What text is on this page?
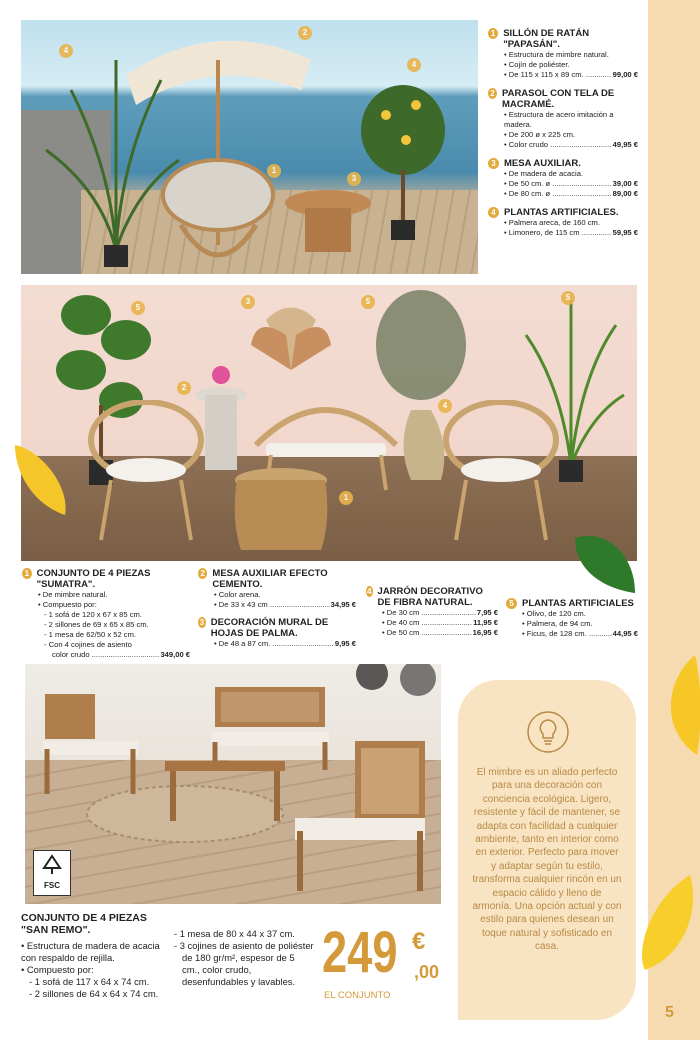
5
4
2
4
1
3
1 SILLÓN DE RATÁN "PAPASÁN".
• Estructura de mimbre natural.
• Cojín de poliéster.
• De 115 x 115 x 89 cm. .....	99,00 €
2 PARASOL CON TELA DE MACRAMÉ.
• Estructura de acero imitación a madera.
• De 200 ø x 225 cm.
• Color crudo .....	49,95 €
3 MESA AUXILIAR.
• De madera de acacia.
• De 50 cm. ø .....	39,00 €
• De 80 cm. ø .....	89,00 €
4 PLANTAS ARTIFICIALES.
• Palmera areca, de 160 cm.
• Limonero, de 115 cm .....	59,95 €
5
2
3	5
4
1
5
1 CONJUNTO DE 4 PIEZAS "SUMATRA".
• De mimbre natural.
• Compuesto por:
- 1 sofá de 120 x 67 x 85 cm.
- 2 sillones de 69 x 65 x 85 cm.
- 1 mesa de 62/50 x 52 cm.
- Con 4 cojines de asiento
color crudo .....	349,00 €
2 MESA AUXILIAR EFECTO CEMENTO.
• Color arena.
• De 33 x 43 cm .....	34,95 €
3 DECORACIÓN MURAL DE HOJAS DE PALMA.
• De 48 a 87 cm. .....	9,95 €
4 JARRÓN DECORATIVO DE FIBRA NATURAL.
• De 30 cm .....	7,95 €
• De 40 cm .....	11,95 €
• De 50 cm .....	16,95 €
5 PLANTAS ARTIFICIALES
• Olivo, de 120 cm.
• Palmera, de 94 cm.
• Ficus, de 128 cm. .....	44,95 €
FSC
El mimbre es un aliado perfecto para una decoración con conciencia ecológica. Ligero, resistente y fácil de mantener, se adapta con facilidad a cualquier ambiente, tanto en interior como en exterior. Perfecto para mover y adaptar según tu estilo, transforma cualquier rincón en un espacio cálido y lleno de armonía. Una opción actual y con estilo para quienes desean un toque natural y sofisticado en casa.
CONJUNTO DE 4 PIEZAS "SAN REMO".
• Estructura de madera de acacia con respaldo de rejilla.
• Compuesto por:
- 1 sofá de 117 x 64 x 74 cm.
- 2 sillones de 64 x 64 x 74 cm.
- 1 mesa de 80 x 44 x 37 cm.
- 3 cojines de asiento de poliéster de 180 gr/m², espesor de 5 cm., color crudo, desenfundables y lavables. 249 €
,00
EL CONJUNTO
